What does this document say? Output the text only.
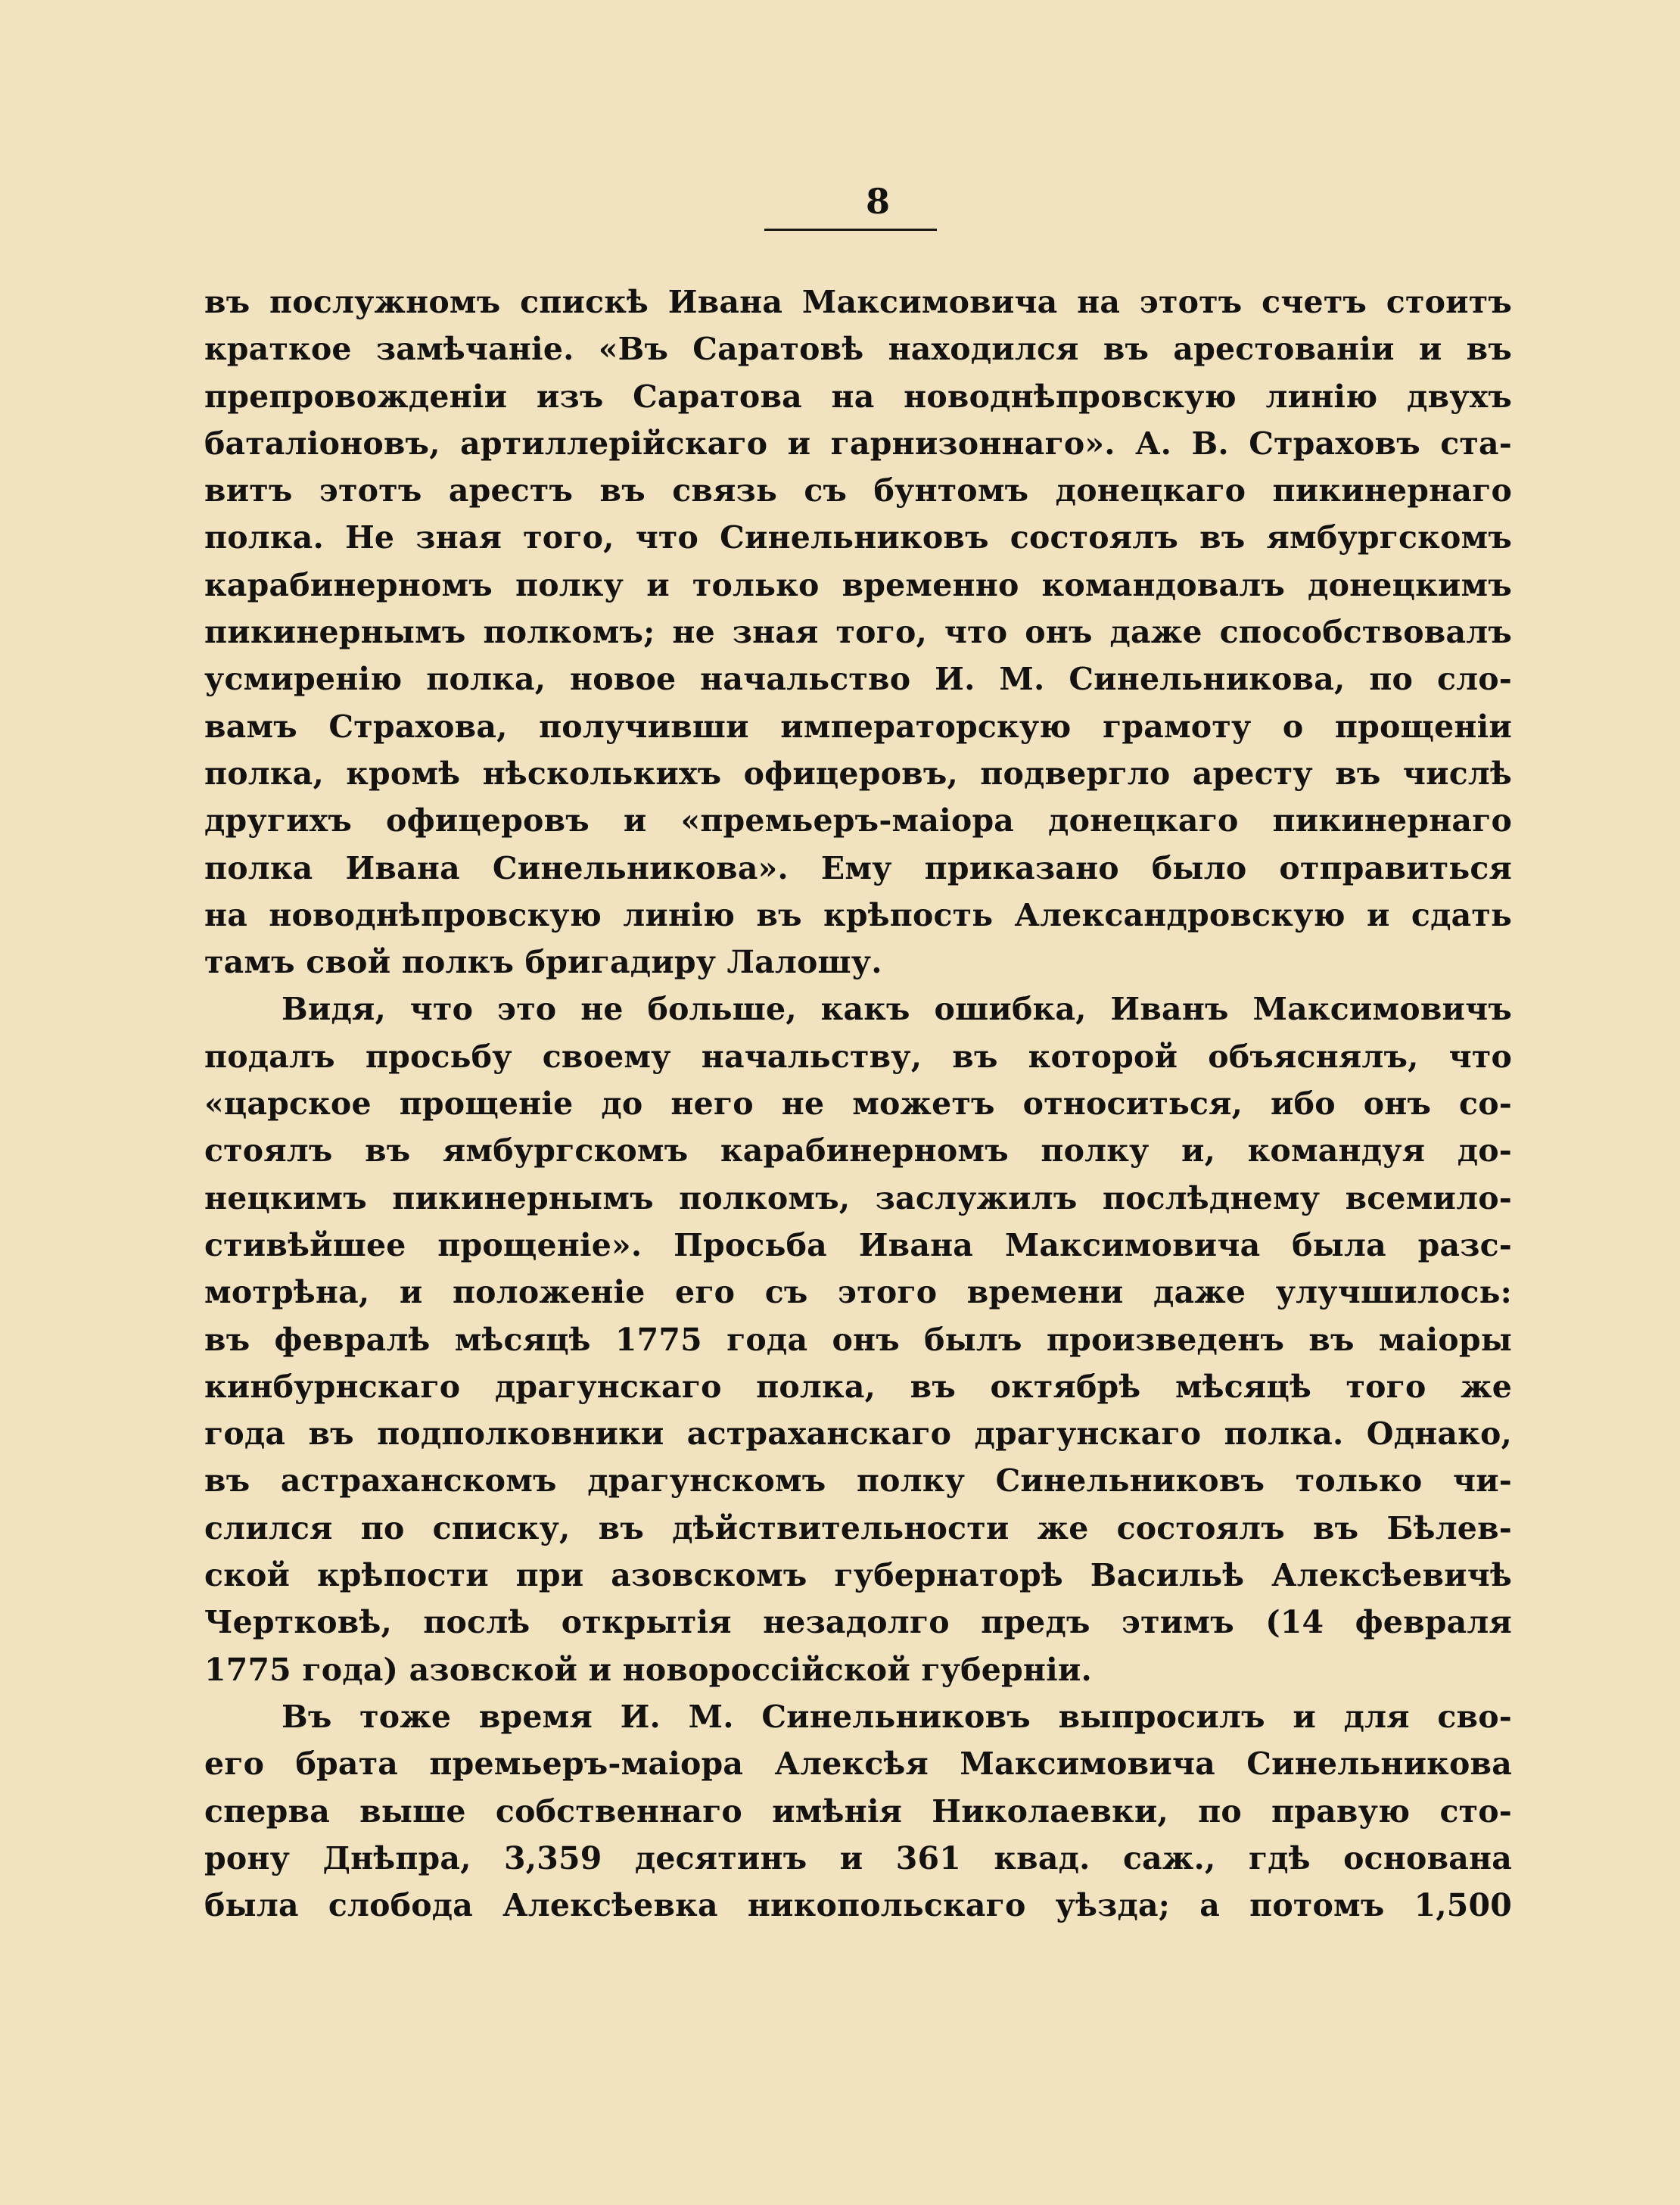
8
въ послужномъ спискѣ Ивана Максимовича на этотъ счетъ стоитъ
краткое замѣчаніе. «Въ Саратовѣ находился въ арестованіи и въ
препровожденіи изъ Саратова на новоднѣпровскую линію двухъ
баталіоновъ, артиллерійскаго и гарнизоннаго». А. В. Страховъ ста-
витъ этотъ арестъ въ связь съ бунтомъ донецкаго пикинернаго
полка. Не зная того, что Синельниковъ состоялъ въ ямбургскомъ
карабинерномъ полку и только временно командовалъ донецкимъ
пикинернымъ полкомъ; не зная того, что онъ даже способствовалъ
усмиренію полка, новое начальство И. М. Синельникова, по сло-
вамъ Страхова, получивши императорскую грамоту о прощеніи
полка, кромѣ нѣсколькихъ офицеровъ, подвергло аресту въ числѣ
другихъ офицеровъ и «премьеръ-маіора донецкаго пикинернаго
полка Ивана Синельникова». Ему приказано было отправиться
на новоднѣпровскую линію въ крѣпость Александровскую и сдать
тамъ свой полкъ бригадиру Лалошу.
Видя, что это не больше, какъ ошибка, Иванъ Максимовичъ
подалъ просьбу своему начальству, въ которой объяснялъ, что
«царское прощеніе до него не можетъ относиться, ибо онъ со-
стоялъ въ ямбургскомъ карабинерномъ полку и, командуя до-
нецкимъ пикинернымъ полкомъ, заслужилъ послѣднему всемило-
стивѣйшее прощеніе». Просьба Ивана Максимовича была разс-
мотрѣна, и положеніе его съ этого времени даже улучшилось:
въ февралѣ мѣсяцѣ 1775 года онъ былъ произведенъ въ маіоры
кинбурнскаго драгунскаго полка, въ октябрѣ мѣсяцѣ того же
года въ подполковники астраханскаго драгунскаго полка. Однако,
въ астраханскомъ драгунскомъ полку Синельниковъ только чи-
слился по списку, въ дѣйствительности же состоялъ въ Бѣлев-
ской крѣпости при азовскомъ губернаторѣ Васильѣ Алексѣевичѣ
Чертковѣ, послѣ открытія незадолго предъ этимъ (14 февраля
1775 года) азовской и новороссійской губерніи.
Въ тоже время И. М. Синельниковъ выпросилъ и для сво-
его брата премьеръ-маіора Алексѣя Максимовича Синельникова
сперва выше собственнаго имѣнія Николаевки, по правую сто-
рону Днѣпра, 3,359 десятинъ и 361 квад. саж., гдѣ основана
была слобода Алексѣевка никопольскаго уѣзда; а потомъ 1,500
